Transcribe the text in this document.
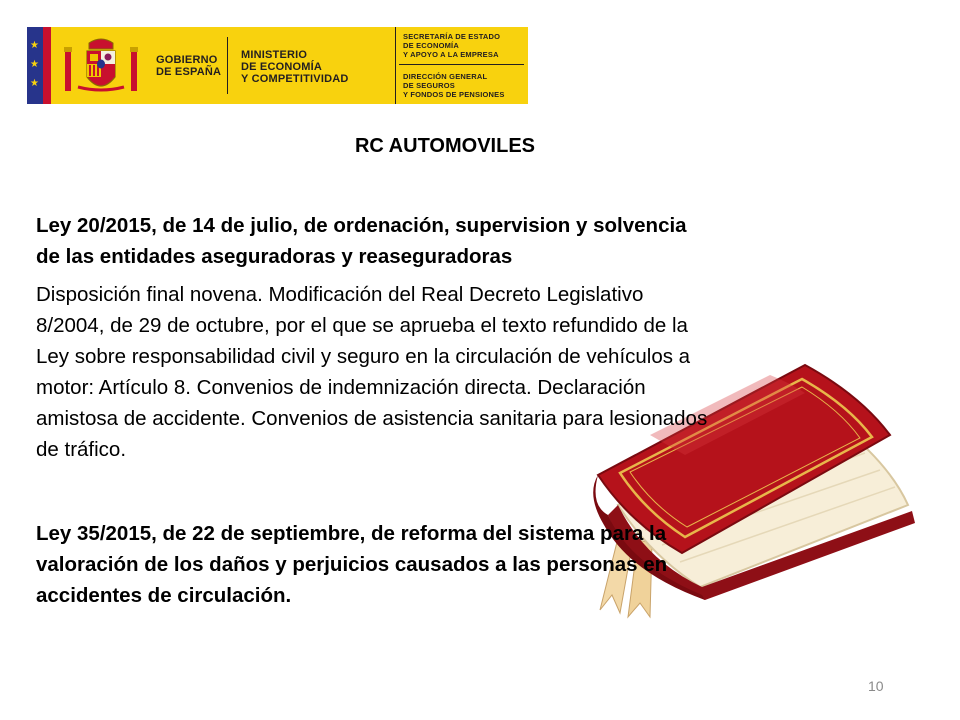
★
★
★
GOBIERNO
DE ESPAÑA
MINISTERIO
DE ECONOMÍA
Y COMPETITIVIDAD
SECRETARÍA DE ESTADO
DE ECONOMÍA
Y APOYO A LA EMPRESA
DIRECCIÓN GENERAL
DE SEGUROS
Y FONDOS DE PENSIONES
RC AUTOMOVILES
Ley 20/2015, de 14 de julio, de ordenación, supervision y solvencia
de las entidades aseguradoras y reaseguradoras
Disposición final novena. Modificación del Real Decreto Legislativo
8/2004, de 29 de octubre, por el que se aprueba el texto refundido de la
Ley sobre responsabilidad civil y seguro en la circulación de vehículos a
motor: Artículo 8. Convenios de indemnización directa. Declaración
amistosa de accidente. Convenios de asistencia sanitaria para lesionados
de tráfico.
Ley 35/2015, de 22 de septiembre, de reforma del sistema para la
valoración de los daños y perjuicios causados a las personas en
accidentes de circulación.
10
